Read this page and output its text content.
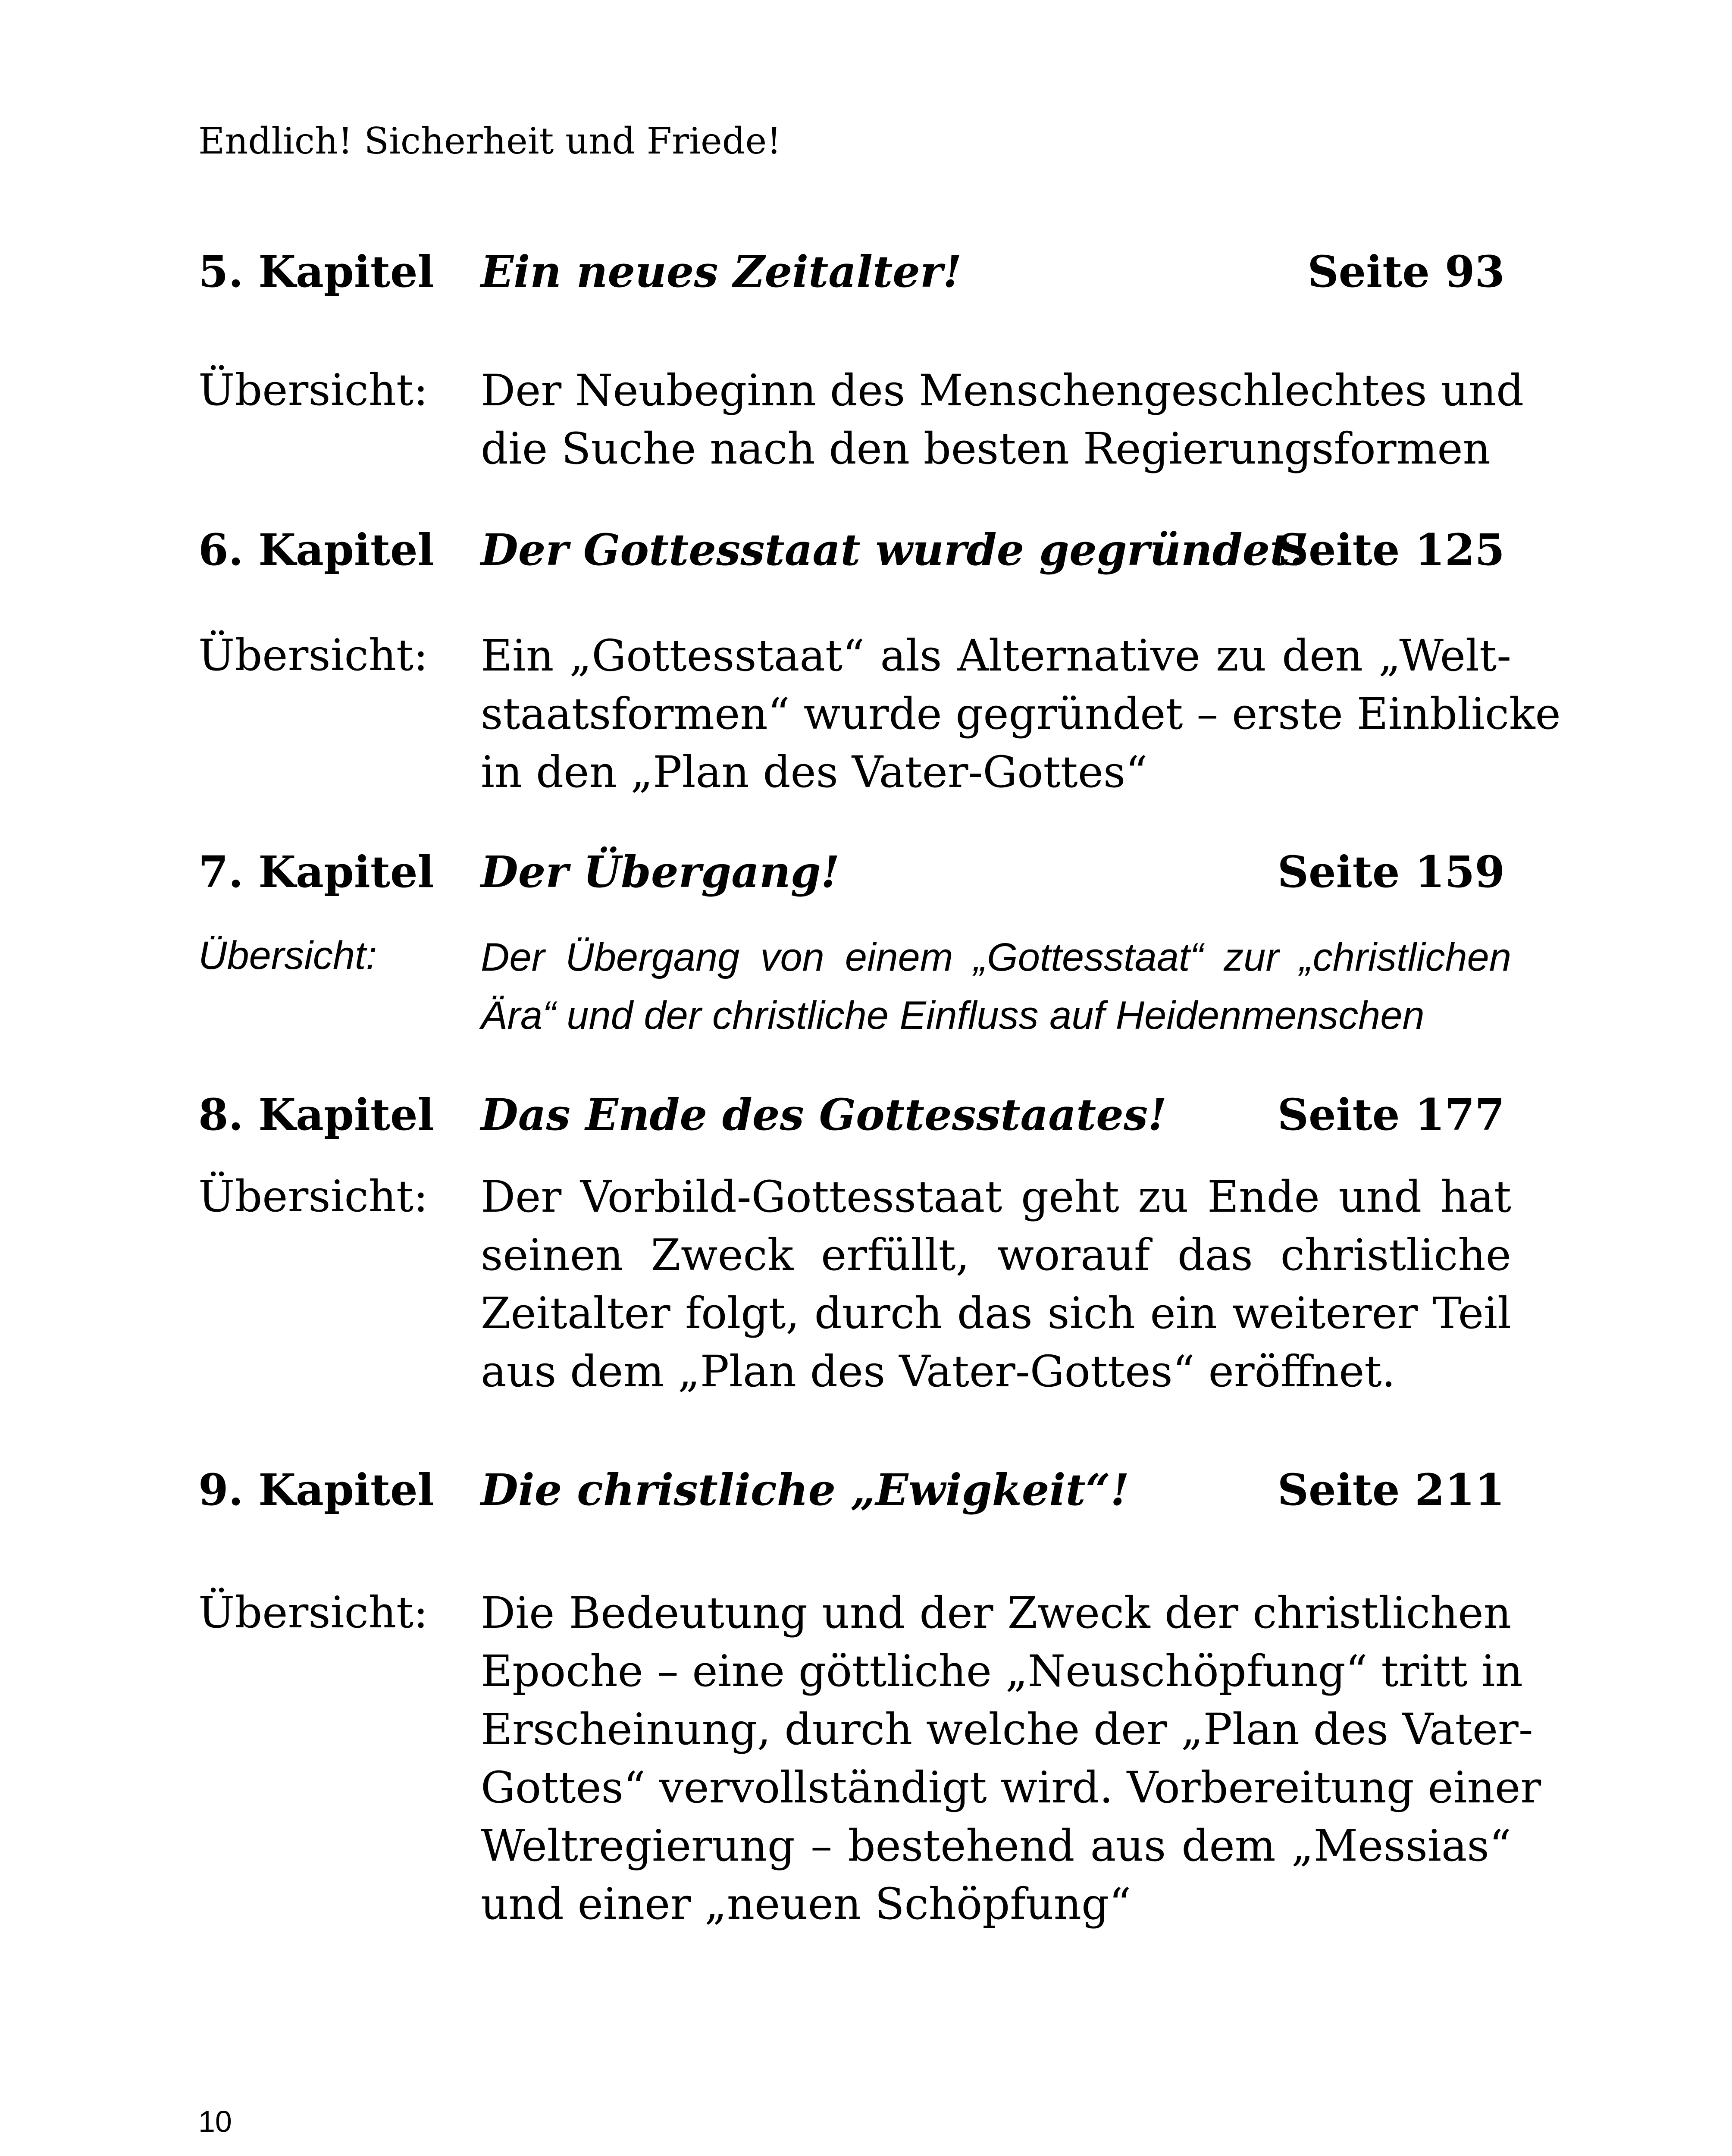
Endlich! Sicherheit und Friede!
5. Kapitel Ein neues Zeitalter!	Seite 93
Übersicht: Der Neubeginn des Menschengeschlechtes und
die Suche nach den besten Regierungsformen
6. Kapitel Der Gottesstaat wurde gegründet!
Seite 125
Übersicht: Ein „Gottesstaat“ als Alternative zu den „Welt-
staatsformen“ wurde gegründet – erste Einblicke
in den „Plan des Vater-Gottes“
7. Kapitel Der Übergang!	Seite 159
Übersicht:	Der Übergang von einem „Gottesstaat“ zur „christlichen
Ära“ und der christliche Einfluss auf Heidenmenschen
8. Kapitel Das Ende des Gottesstaates!	Seite 177
Übersicht: Der Vorbild-Gottesstaat geht zu Ende und hat
seinen Zweck erfüllt, worauf das christliche
Zeitalter folgt, durch das sich ein weiterer Teil
aus dem „Plan des Vater-Gottes“ eröffnet.
9. Kapitel Die christliche „Ewigkeit“!	Seite 211
Übersicht: Die Bedeutung und der Zweck der christlichen
Epoche – eine göttliche „Neuschöpfung“ tritt in
Erscheinung, durch welche der „Plan des Vater-
Gottes“ vervollständigt wird. Vorbereitung einer
Weltregierung – bestehend aus dem „Messias“
und einer „neuen Schöpfung“
10
